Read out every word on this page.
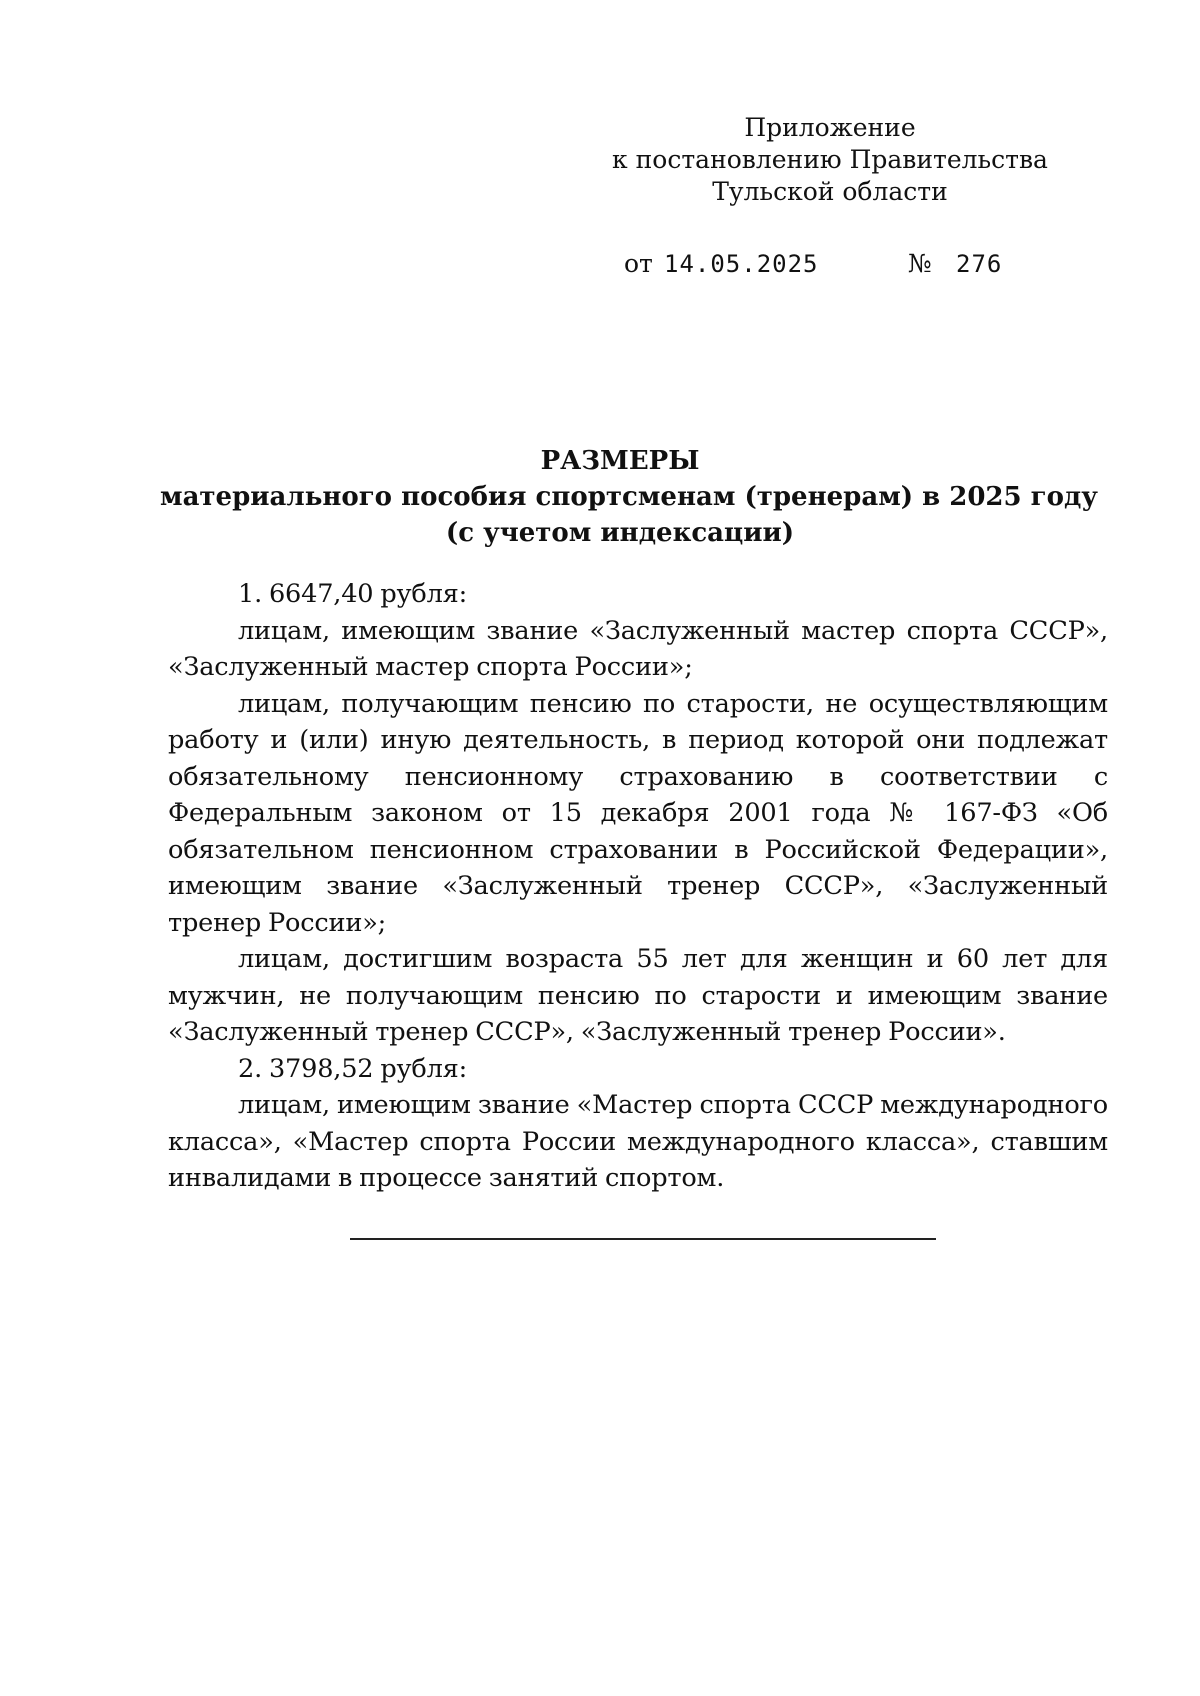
Приложение
к постановлению Правительства
Тульской области
от 14.05.2025	№ 276
РАЗМЕРЫ
материального пособия спортсменам (тренерам) в 2025 году
(с учетом индексации)

1. 6647,40 рубля:

лицам, имеющим звание «Заслуженный мастер спорта СССР», «Заслуженный мастер спорта России»;

лицам, получающим пенсию по старости, не осуществляющим работу и (или) иную деятельность, в период которой они подлежат обязательному пенсионному страхованию в соответствии с Федеральным законом от 15 декабря 2001 года № 167-ФЗ «Об обязательном пенсионном страховании в Российской Федерации», имеющим звание «Заслуженный тренер СССР», «Заслуженный тренер России»;

лицам, достигшим возраста 55 лет для женщин и 60 лет для мужчин, не получающим пенсию по старости и имеющим звание «Заслуженный тренер СССР», «Заслуженный тренер России».

2. 3798,52 рубля:

лицам, имеющим звание «Мастер спорта СССР международного класса», «Мастер спорта России международного класса», ставшим инвалидами в процессе занятий спортом.
